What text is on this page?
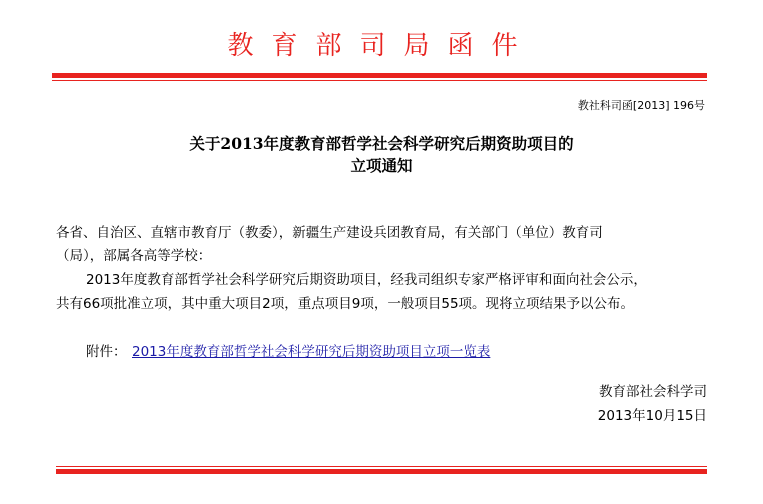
教育部司局函件
教社科司函[2013] 196号
关于2013年度教育部哲学社会科学研究后期资助项目的
立项通知
各省、自治区、直辖市教育厅（教委），新疆生产建设兵团教育局，有关部门（单位）教育司
（局），部属各高等学校：
2013年度教育部哲学社会科学研究后期资助项目，经我司组织专家严格评审和面向社会公示，
共有66项批准立项，其中重大项目2项，重点项目9项，一般项目55项。现将立项结果予以公布。
附件： 2013年度教育部哲学社会科学研究后期资助项目立项一览表
教育部社会科学司
2013年10月15日
